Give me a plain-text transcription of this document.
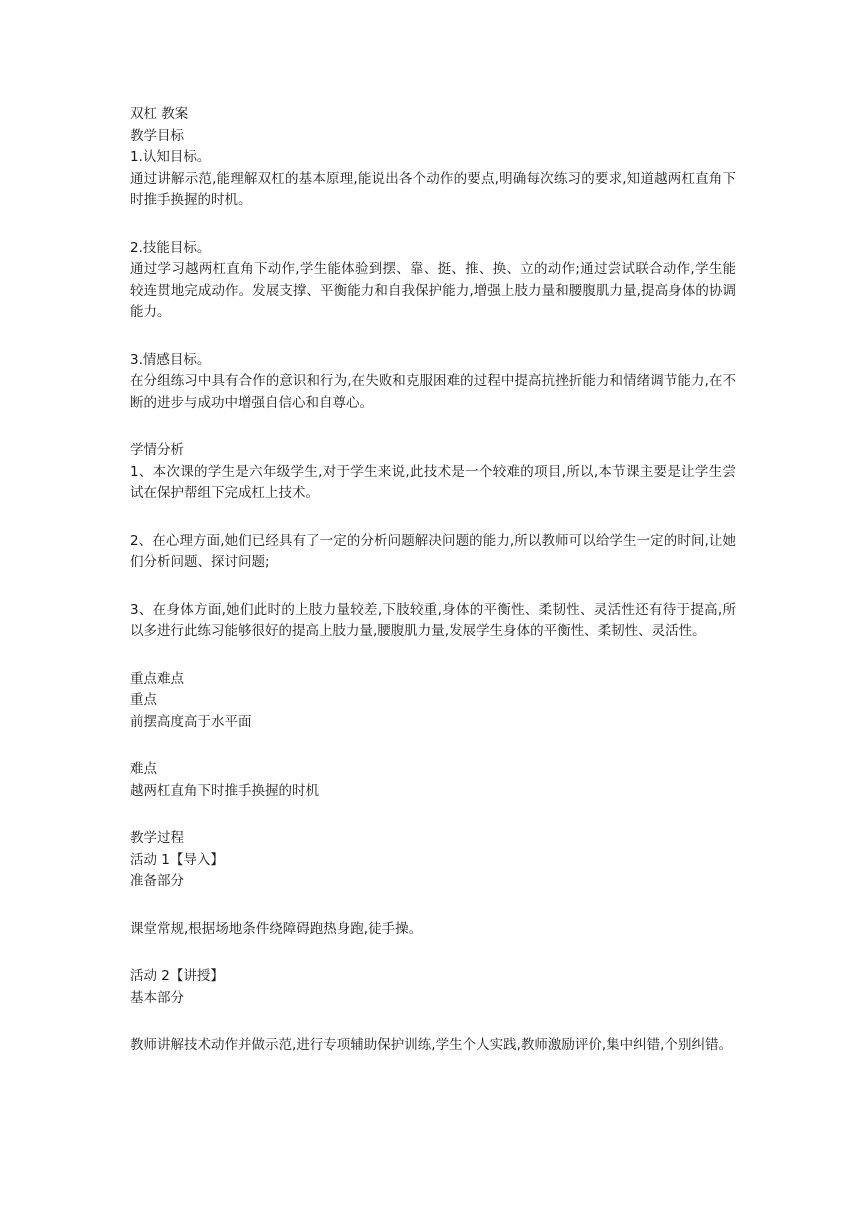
双杠 教案

教学目标

1.认知目标。

通过讲解示范,能理解双杠的基本原理,能说出各个动作的要点,明确每次练习的要求,知道越两杠直角下时推手换握的时机。

2.技能目标。

通过学习越两杠直角下动作,学生能体验到摆、靠、挺、推、换、立的动作;通过尝试联合动作,学生能较连贯地完成动作。发展支撑、平衡能力和自我保护能力,增强上肢力量和腰腹肌力量,提高身体的协调能力。

3.情感目标。

在分组练习中具有合作的意识和行为,在失败和克服困难的过程中提高抗挫折能力和情绪调节能力,在不断的进步与成功中增强自信心和自尊心。

学情分析

1、本次课的学生是六年级学生,对于学生来说,此技术是一个较难的项目,所以,本节课主要是让学生尝试在保护帮组下完成杠上技术。

2、在心理方面,她们已经具有了一定的分析问题解决问题的能力,所以教师可以给学生一定的时间,让她们分析问题、探讨问题;

3、在身体方面,她们此时的上肢力量较差,下肢较重,身体的平衡性、柔韧性、灵活性还有待于提高,所以多进行此练习能够很好的提高上肢力量,腰腹肌力量,发展学生身体的平衡性、柔韧性、灵活性。

重点难点

重点

前摆高度高于水平面

难点

越两杠直角下时推手换握的时机

教学过程

活动 1【导入】

准备部分

课堂常规,根据场地条件绕障碍跑热身跑,徒手操。

活动 2【讲授】

基本部分

教师讲解技术动作并做示范,进行专项辅助保护训练,学生个人实践,教师激励评价,集中纠错,个别纠错。
